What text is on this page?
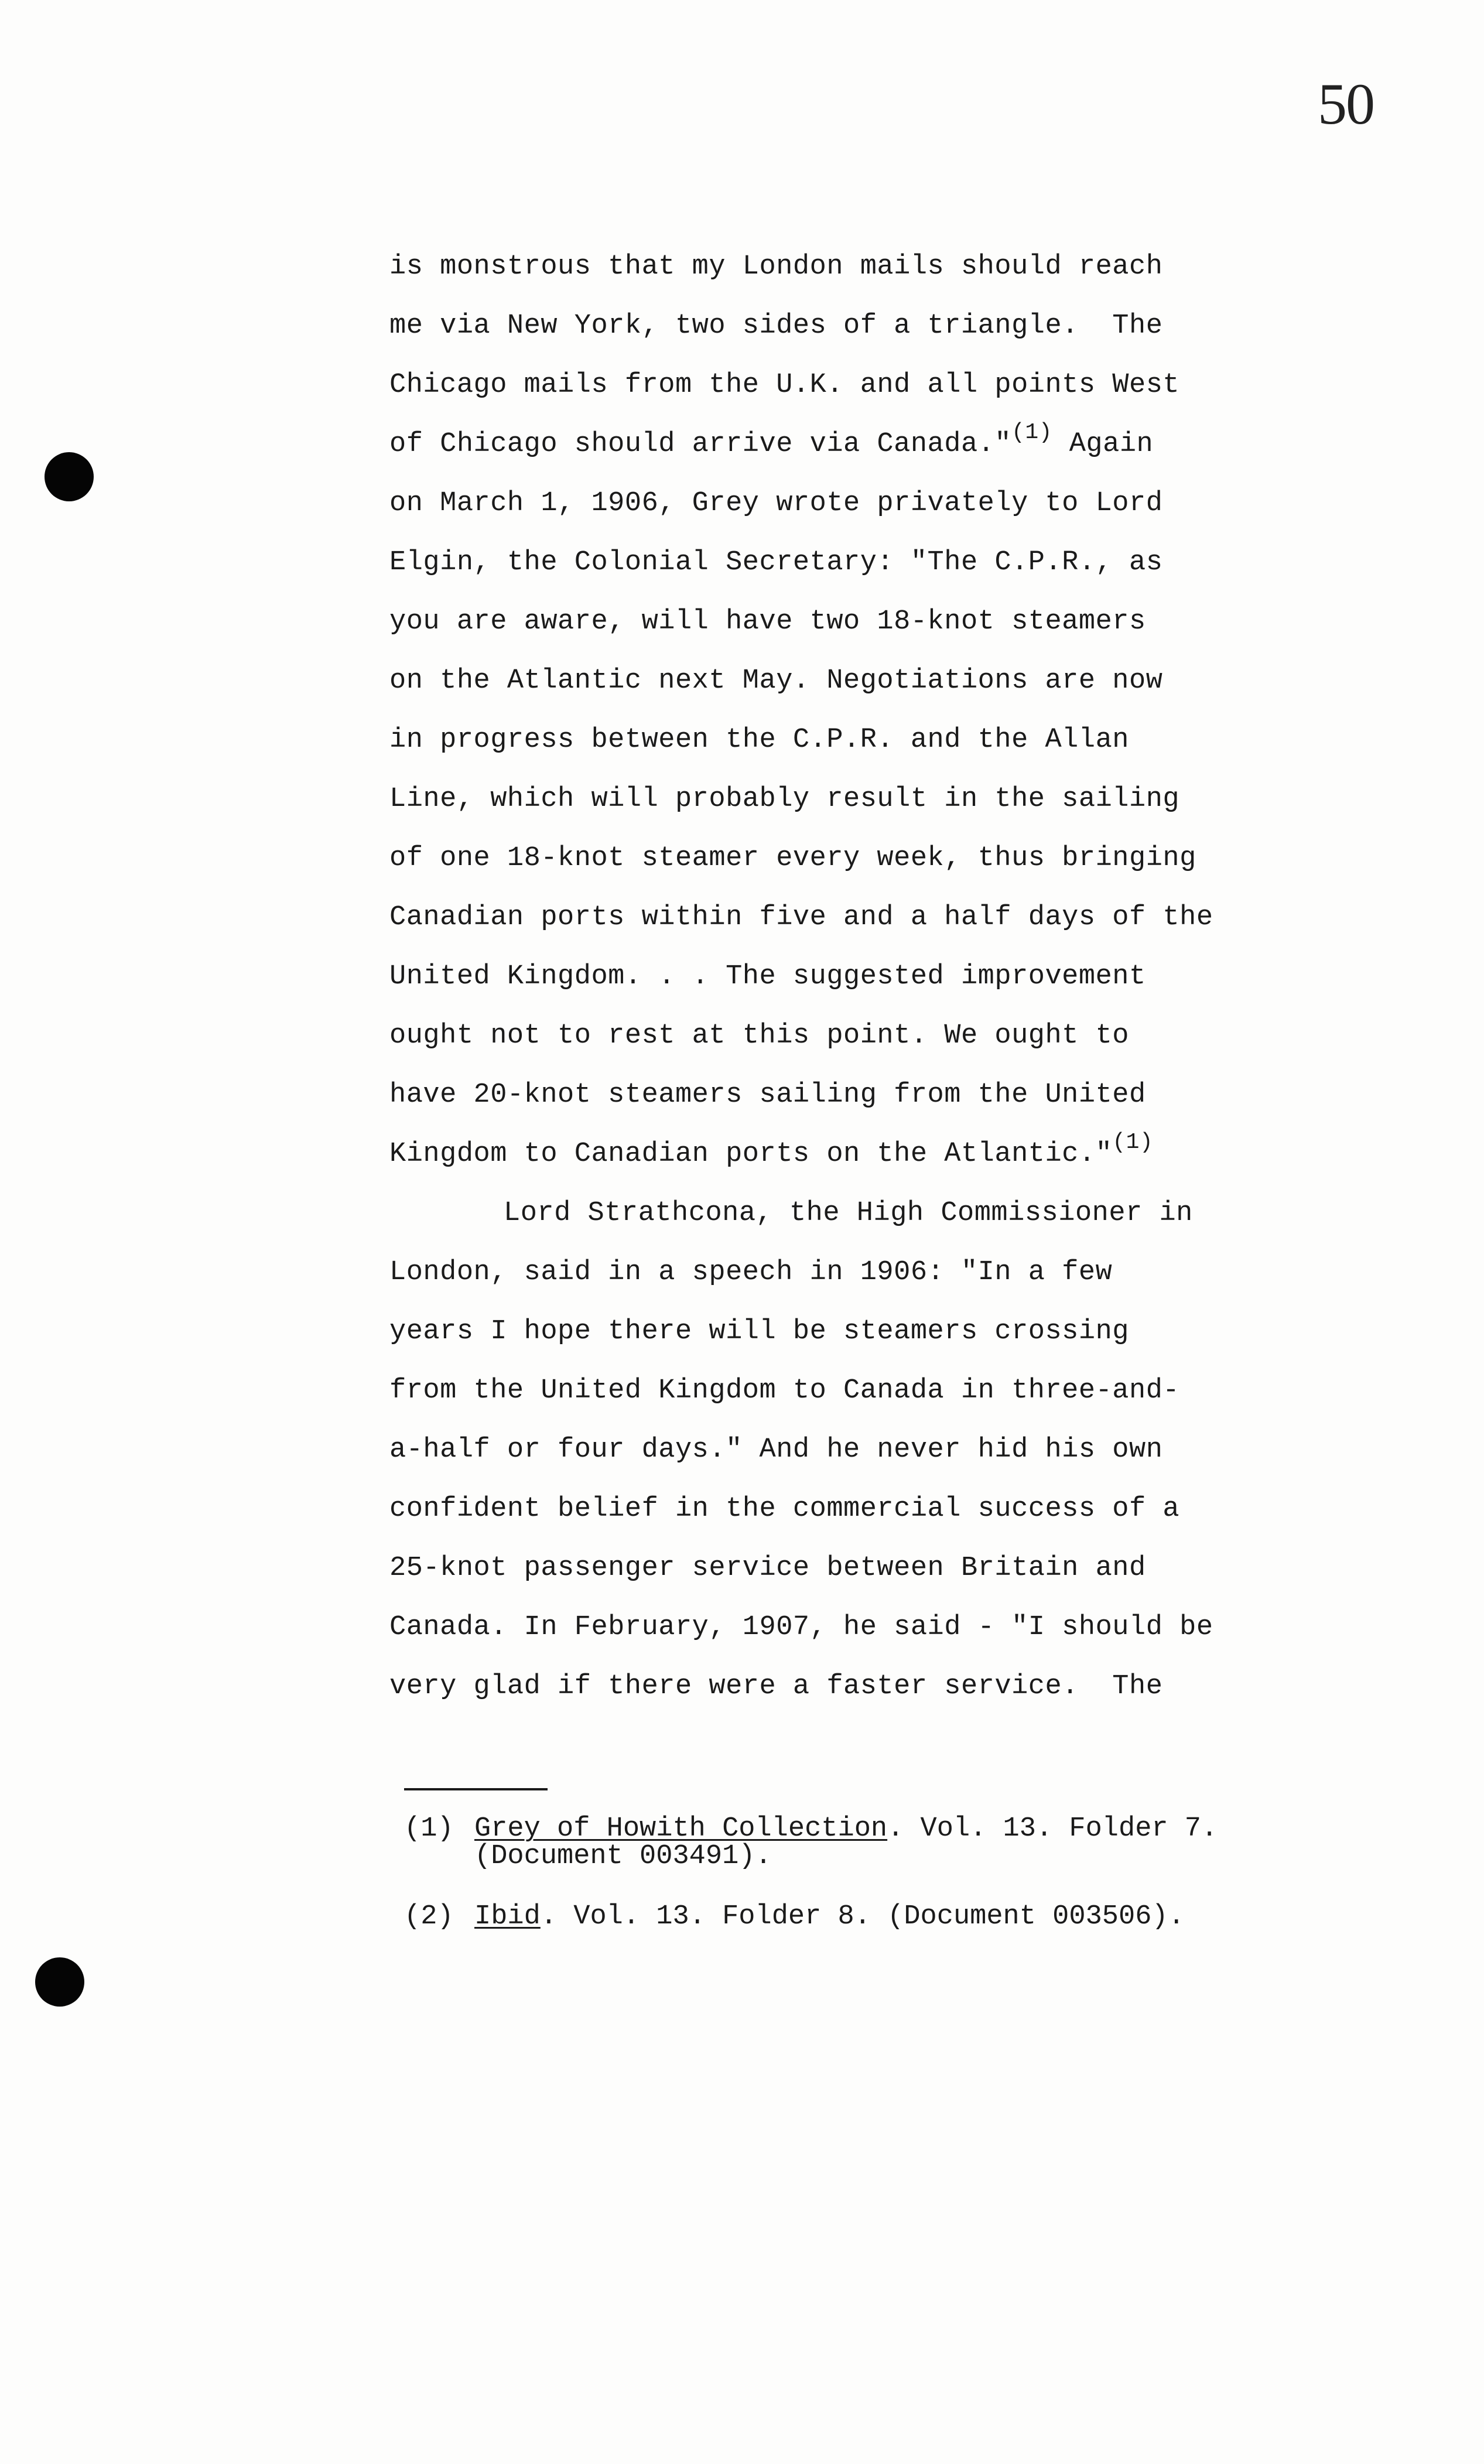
50
is monstrous that my London mails should reach
me via New York, two sides of a triangle.  The
Chicago mails from the U.K. and all points West
of Chicago should arrive via Canada."$^{(1)}$ Again
on March 1, 1906, Grey wrote privately to Lord
Elgin, the Colonial Secretary: "The C.P.R., as
you are aware, will have two 18-knot steamers
on the Atlantic next May. Negotiations are now
in progress between the C.P.R. and the Allan
Line, which will probably result in the sailing
of one 18-knot steamer every week, thus bringing
Canadian ports within five and a half days of the
United Kingdom. . . The suggested improvement
ought not to rest at this point. We ought to
have 20-knot steamers sailing from the United
Kingdom to Canadian ports on the Atlantic."$^{(1)}$
Lord Strathcona, the High Commissioner in
London, said in a speech in 1906: "In a few
years I hope there will be steamers crossing
from the United Kingdom to Canada in three-and-
a-half or four days." And he never hid his own
confident belief in the commercial success of a
25-knot passenger service between Britain and
Canada. In February, 1907, he said - "I should be
very glad if there were a faster service.  The
(1) Grey of Howith Collection. Vol. 13. Folder 7.
(Document 003491).
(2) Ibid. Vol. 13. Folder 8. (Document 003506).
